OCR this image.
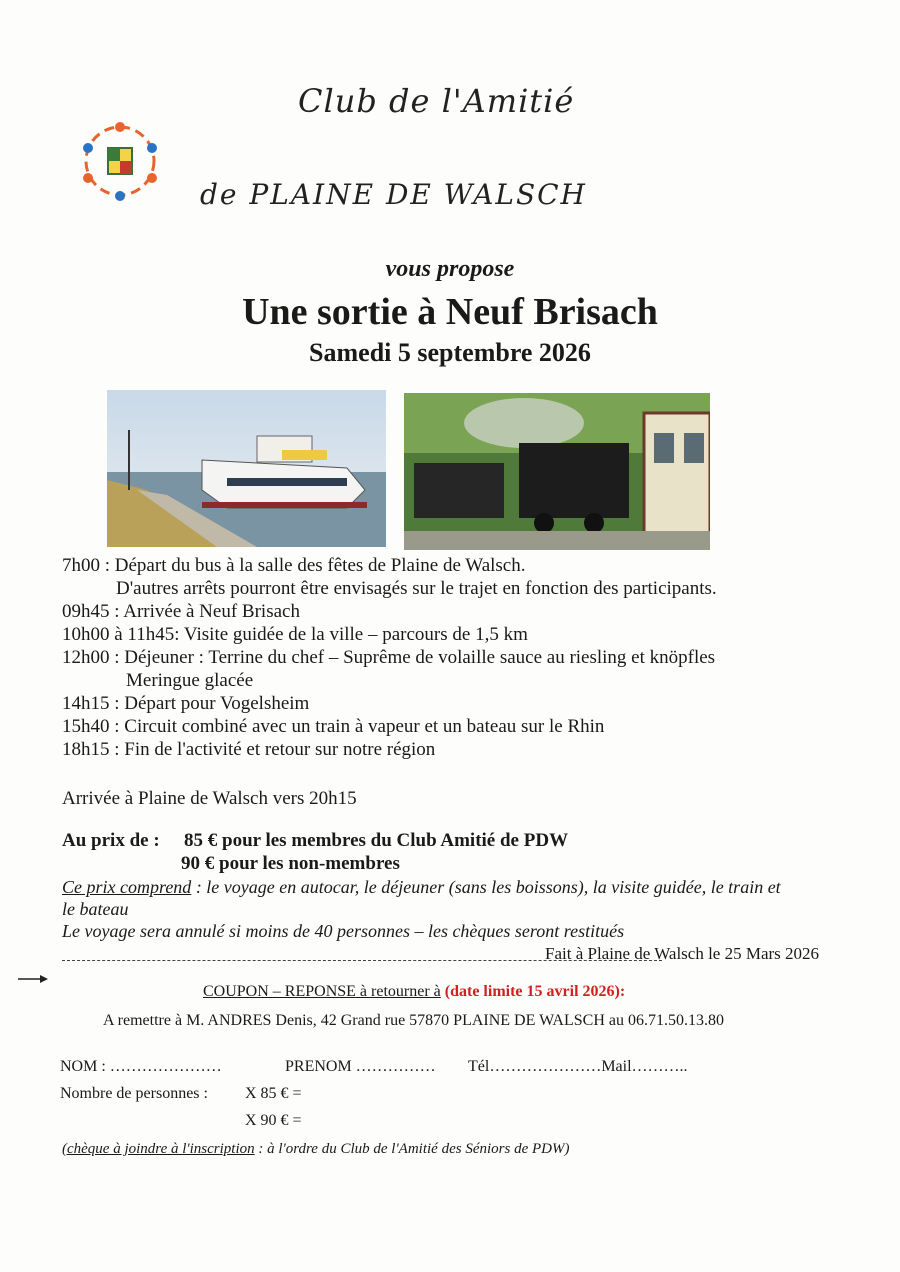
Club de l'Amitié
de PLAINE DE WALSCH
vous propose
Une sortie à Neuf Brisach
Samedi 5 septembre 2026
7h00 : Départ du bus à la salle des fêtes de Plaine de Walsch.
D'autres arrêts pourront être envisagés sur le trajet en fonction des participants.
09h45 : Arrivée à Neuf Brisach
10h00 à 11h45: Visite guidée de la ville – parcours de 1,5 km
12h00 : Déjeuner : Terrine du chef – Suprême de volaille sauce au riesling et knöpfles
Meringue glacée
14h15 : Départ pour Vogelsheim
15h40 : Circuit combiné avec un train à vapeur et un bateau sur le Rhin
18h15 : Fin de l'activité et retour sur notre région
Arrivée à Plaine de Walsch vers 20h15
Au prix de : 85 € pour les membres du Club Amitié de PDW
90 € pour les non-membres
Ce prix comprend : le voyage en autocar, le déjeuner (sans les boissons), la visite guidée, le train et
le bateau
Le voyage sera annulé si moins de 40 personnes – les chèques seront restitués
Fait à Plaine de Walsch le 25 Mars 2026
COUPON – REPONSE à retourner à (date limite 15 avril 2026):
A remettre à M. ANDRES Denis, 42 Grand rue 57870 PLAINE DE WALSCH au 06.71.50.13.80
NOM : …………………	PRENOM …………… Tél…………………Mail………..
Nombre de personnes : X 85 € =
X 90 € =
(chèque à joindre à l'inscription : à l'ordre du Club de l'Amitié des Séniors de PDW)
